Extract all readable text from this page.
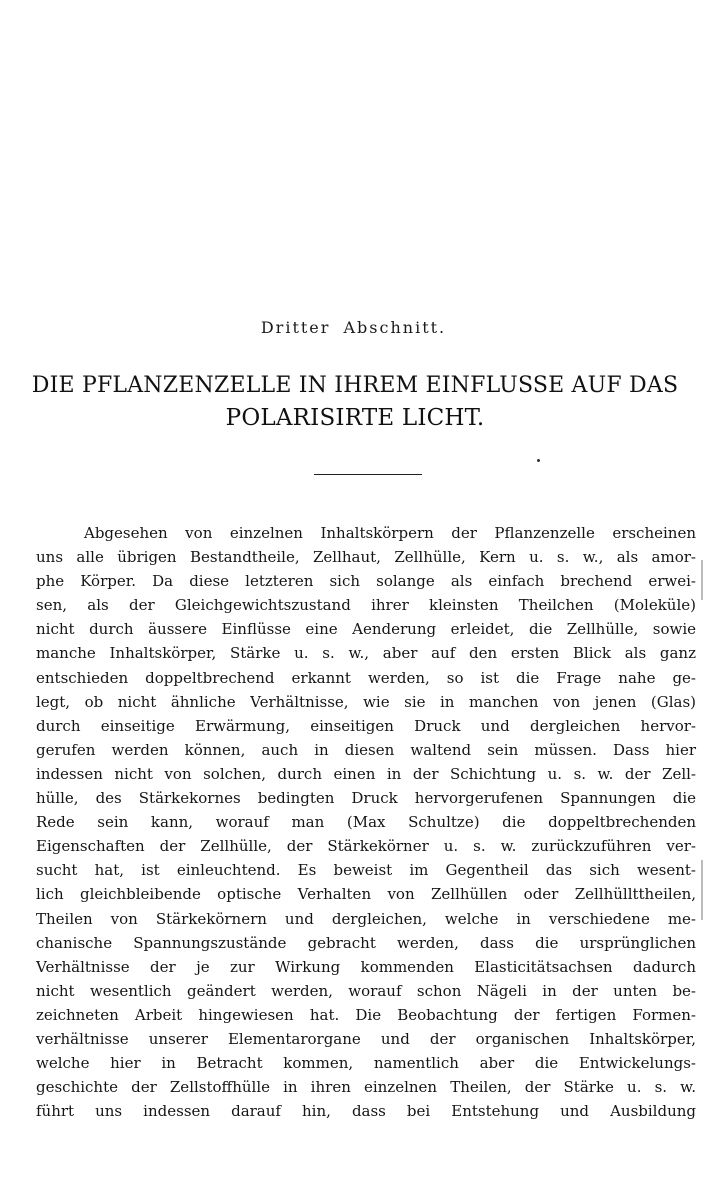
Dritter Abschnitt.
DIE PFLANZENZELLE IN IHREM EINFLUSSE AUF DAS
POLARISIRTE LICHT.
Abgesehen von einzelnen Inhaltskörpern der Pflanzenzelle erscheinen
uns alle übrigen Bestandtheile, Zellhaut, Zellhülle, Kern u. s. w., als amor-
phe Körper. Da diese letzteren sich solange als einfach brechend erwei-
sen, als der Gleichgewichtszustand ihrer kleinsten Theilchen (Moleküle)
nicht durch äussere Einflüsse eine Aenderung erleidet, die Zellhülle, sowie
manche Inhaltskörper, Stärke u. s. w., aber auf den ersten Blick als ganz
entschieden doppeltbrechend erkannt werden, so ist die Frage nahe ge-
legt, ob nicht ähnliche Verhältnisse, wie sie in manchen von jenen (Glas)
durch einseitige Erwärmung, einseitigen Druck und dergleichen hervor-
gerufen werden können, auch in diesen waltend sein müssen. Dass hier
indessen nicht von solchen, durch einen in der Schichtung u. s. w. der Zell-
hülle, des Stärkekornes bedingten Druck hervorgerufenen Spannungen die
Rede sein kann, worauf man (Max Schultze) die doppeltbrechenden
Eigenschaften der Zellhülle, der Stärkekörner u. s. w. zurückzuführen ver-
sucht hat, ist einleuchtend. Es beweist im Gegentheil das sich wesent-
lich gleichbleibende optische Verhalten von Zellhüllen oder Zellhüllttheilen,
Theilen von Stärkekörnern und dergleichen, welche in verschiedene me-
chanische Spannungszustände gebracht werden, dass die ursprünglichen
Verhältnisse der je zur Wirkung kommenden Elasticitätsachsen dadurch
nicht wesentlich geändert werden, worauf schon Nägeli in der unten be-
zeichneten Arbeit hingewiesen hat. Die Beobachtung der fertigen Formen-
verhältnisse unserer Elementarorgane und der organischen Inhaltskörper,
welche hier in Betracht kommen, namentlich aber die Entwickelungs-
geschichte der Zellstoffhülle in ihren einzelnen Theilen, der Stärke u. s. w.
führt uns indessen darauf hin, dass bei Entstehung und Ausbildung
